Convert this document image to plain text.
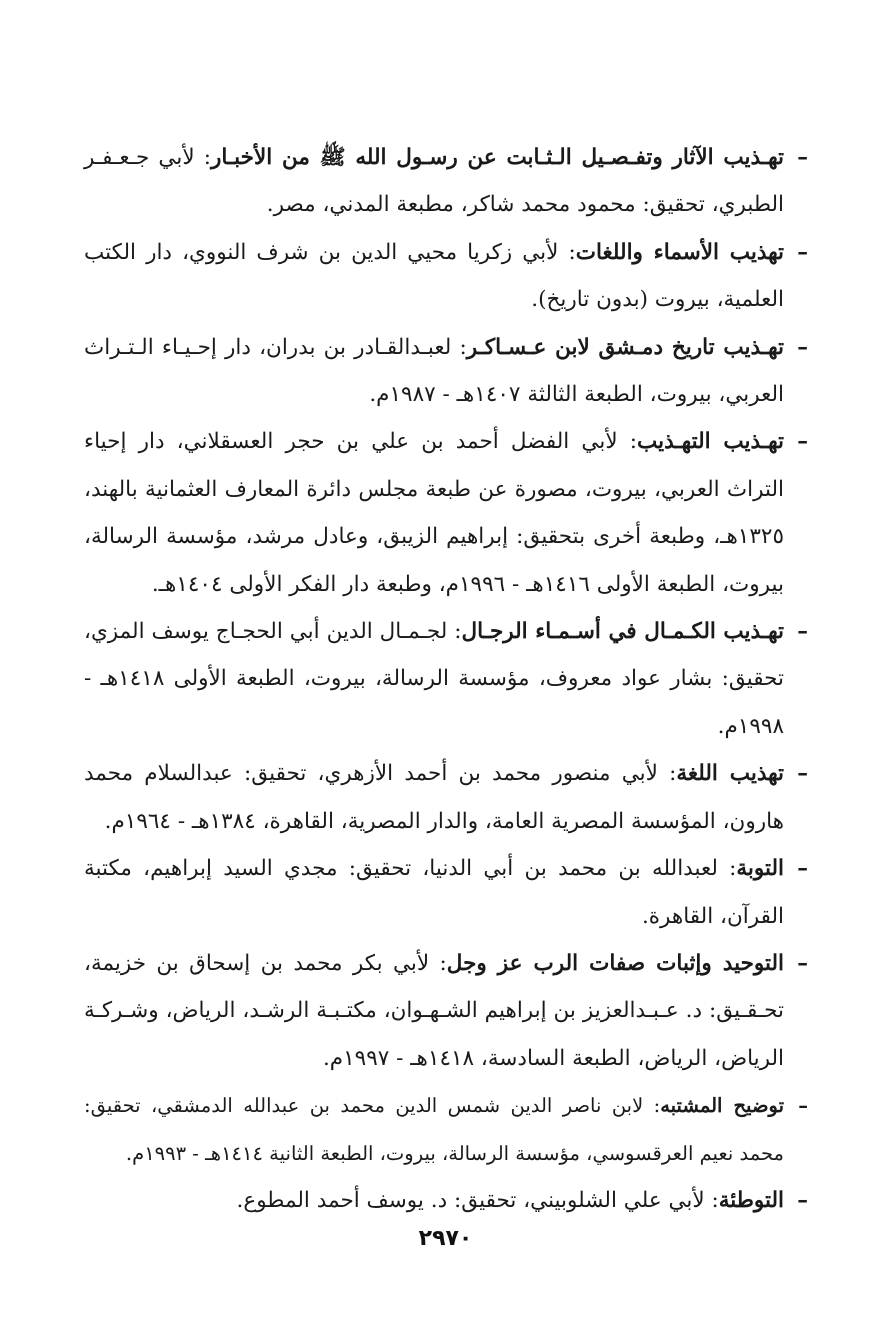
–
تهـذيب الآثار وتفـصـيل الـثـابت عن رسـول الله ﷺ من الأخبـار: لأبي جـعـفـر الطبري، تحقيق: محمود محمد شاكر، مطبعة المدني، مصر.
–
تهذيب الأسماء واللغات: لأبي زكريا محيي الدين بن شرف النووي، دار الكتب العلمية، بيروت (بدون تاريخ).
–
تهـذيب تاريخ دمـشق لابن عـسـاكـر: لعبـدالقـادر بن بدران، دار إحـيـاء الـتـراث العربي، بيروت، الطبعة الثالثة ١٤٠٧هـ - ١٩٨٧م.
–
تهـذيب التهـذيب: لأبي الفضل أحمد بن علي بن حجر العسقلاني، دار إحياء التراث العربي، بيروت، مصورة عن طبعة مجلس دائرة المعارف العثمانية بالهند، ١٣٢٥هـ، وطبعة أخرى بتحقيق: إبراهيم الزيبق، وعادل مرشد، مؤسسة الرسالة، بيروت، الطبعة الأولى ١٤١٦هـ - ١٩٩٦م، وطبعة دار الفكر الأولى ١٤٠٤هـ.
–
تهـذيب الكـمـال في أسـمـاء الرجـال: لجـمـال الدين أبي الحجـاج يوسف المزي، تحقيق: بشار عواد معروف، مؤسسة الرسالة، بيروت، الطبعة الأولى ١٤١٨هـ - ١٩٩٨م.
–
تهذيب اللغة: لأبي منصور محمد بن أحمد الأزهري، تحقيق: عبدالسلام محمد هارون، المؤسسة المصرية العامة، والدار المصرية، القاهرة، ١٣٨٤هـ - ١٩٦٤م.
–
التوبة: لعبدالله بن محمد بن أبي الدنيا، تحقيق: مجدي السيد إبراهيم، مكتبة القرآن، القاهرة.
–
التوحيد وإثبات صفات الرب عز وجل: لأبي بكر محمد بن إسحاق بن خزيمة، تحـقـيق: د. عـبـدالعزيز بن إبراهيم الشـهـوان، مكتـبـة الرشـد، الرياض، وشـركـة الرياض، الرياض، الطبعة السادسة، ١٤١٨هـ - ١٩٩٧م.
–
توضيح المشتبه: لابن ناصر الدين شمس الدين محمد بن عبدالله الدمشقي، تحقيق: محمد نعيم العرقسوسي، مؤسسة الرسالة، بيروت، الطبعة الثانية ١٤١٤هـ - ١٩٩٣م.
–
التوطئة: لأبي علي الشلوبيني، تحقيق: د. يوسف أحمد المطوع.
٢٩٧٠
